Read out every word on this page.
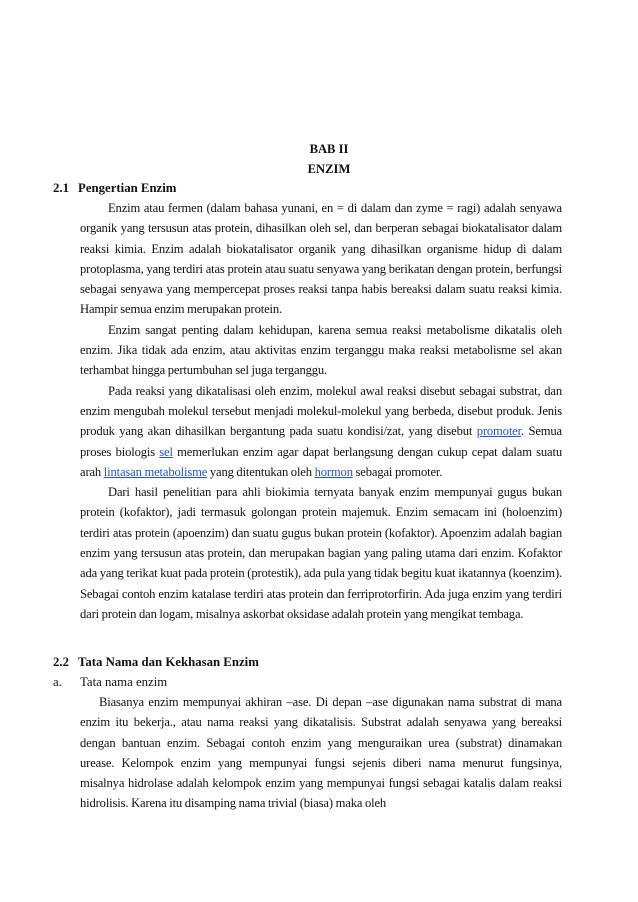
BAB II
ENZIM
2.1 Pengertian Enzim

Enzim atau fermen (dalam bahasa yunani, en = di dalam dan zyme = ragi) adalah senyawa organik yang tersusun atas protein, dihasilkan oleh sel, dan berperan sebagai biokatalisator dalam reaksi kimia. Enzim adalah biokatalisator organik yang dihasilkan organisme hidup di dalam protoplasma, yang terdiri atas protein atau suatu senyawa yang berikatan dengan protein, berfungsi sebagai senyawa yang mempercepat proses reaksi tanpa habis bereaksi dalam suatu reaksi kimia. Hampir semua enzim merupakan protein.

Enzim sangat penting dalam kehidupan, karena semua reaksi metabolisme dikatalis oleh enzim. Jika tidak ada enzim, atau aktivitas enzim terganggu maka reaksi metabolisme sel akan terhambat hingga pertumbuhan sel juga terganggu.

Pada reaksi yang dikatalisasi oleh enzim, molekul awal reaksi disebut sebagai substrat, dan enzim mengubah molekul tersebut menjadi molekul-molekul yang berbeda, disebut produk. Jenis produk yang akan dihasilkan bergantung pada suatu kondisi/zat, yang disebut promoter. Semua proses biologis sel memerlukan enzim agar dapat berlangsung dengan cukup cepat dalam suatu arah lintasan metabolisme yang ditentukan oleh hormon sebagai promoter.

Dari hasil penelitian para ahli biokimia ternyata banyak enzim mempunyai gugus bukan protein (kofaktor), jadi termasuk golongan protein majemuk. Enzim semacam ini (holoenzim) terdiri atas protein (apoenzim) dan suatu gugus bukan protein (kofaktor). Apoenzim adalah bagian enzim yang tersusun atas protein, dan merupakan bagian yang paling utama dari enzim. Kofaktor ada yang terikat kuat pada protein (protestik), ada pula yang tidak begitu kuat ikatannya (koenzim). Sebagai contoh enzim katalase terdiri atas protein dan ferriprotorfirin. Ada juga enzim yang terdiri dari protein dan logam, misalnya askorbat oksidase adalah protein yang mengikat tembaga.

2.2 Tata Nama dan Kekhasan Enzim
a. Tata nama enzim

Biasanya enzim mempunyai akhiran –ase. Di depan –ase digunakan nama substrat di mana enzim itu bekerja., atau nama reaksi yang dikatalisis. Substrat adalah senyawa yang bereaksi dengan bantuan enzim. Sebagai contoh enzim yang menguraikan urea (substrat) dinamakan urease. Kelompok enzim yang mempunyai fungsi sejenis diberi nama menurut fungsinya, misalnya hidrolase adalah kelompok enzim yang mempunyai fungsi sebagai katalis dalam reaksi hidrolisis. Karena itu disamping nama trivial (biasa) maka oleh
